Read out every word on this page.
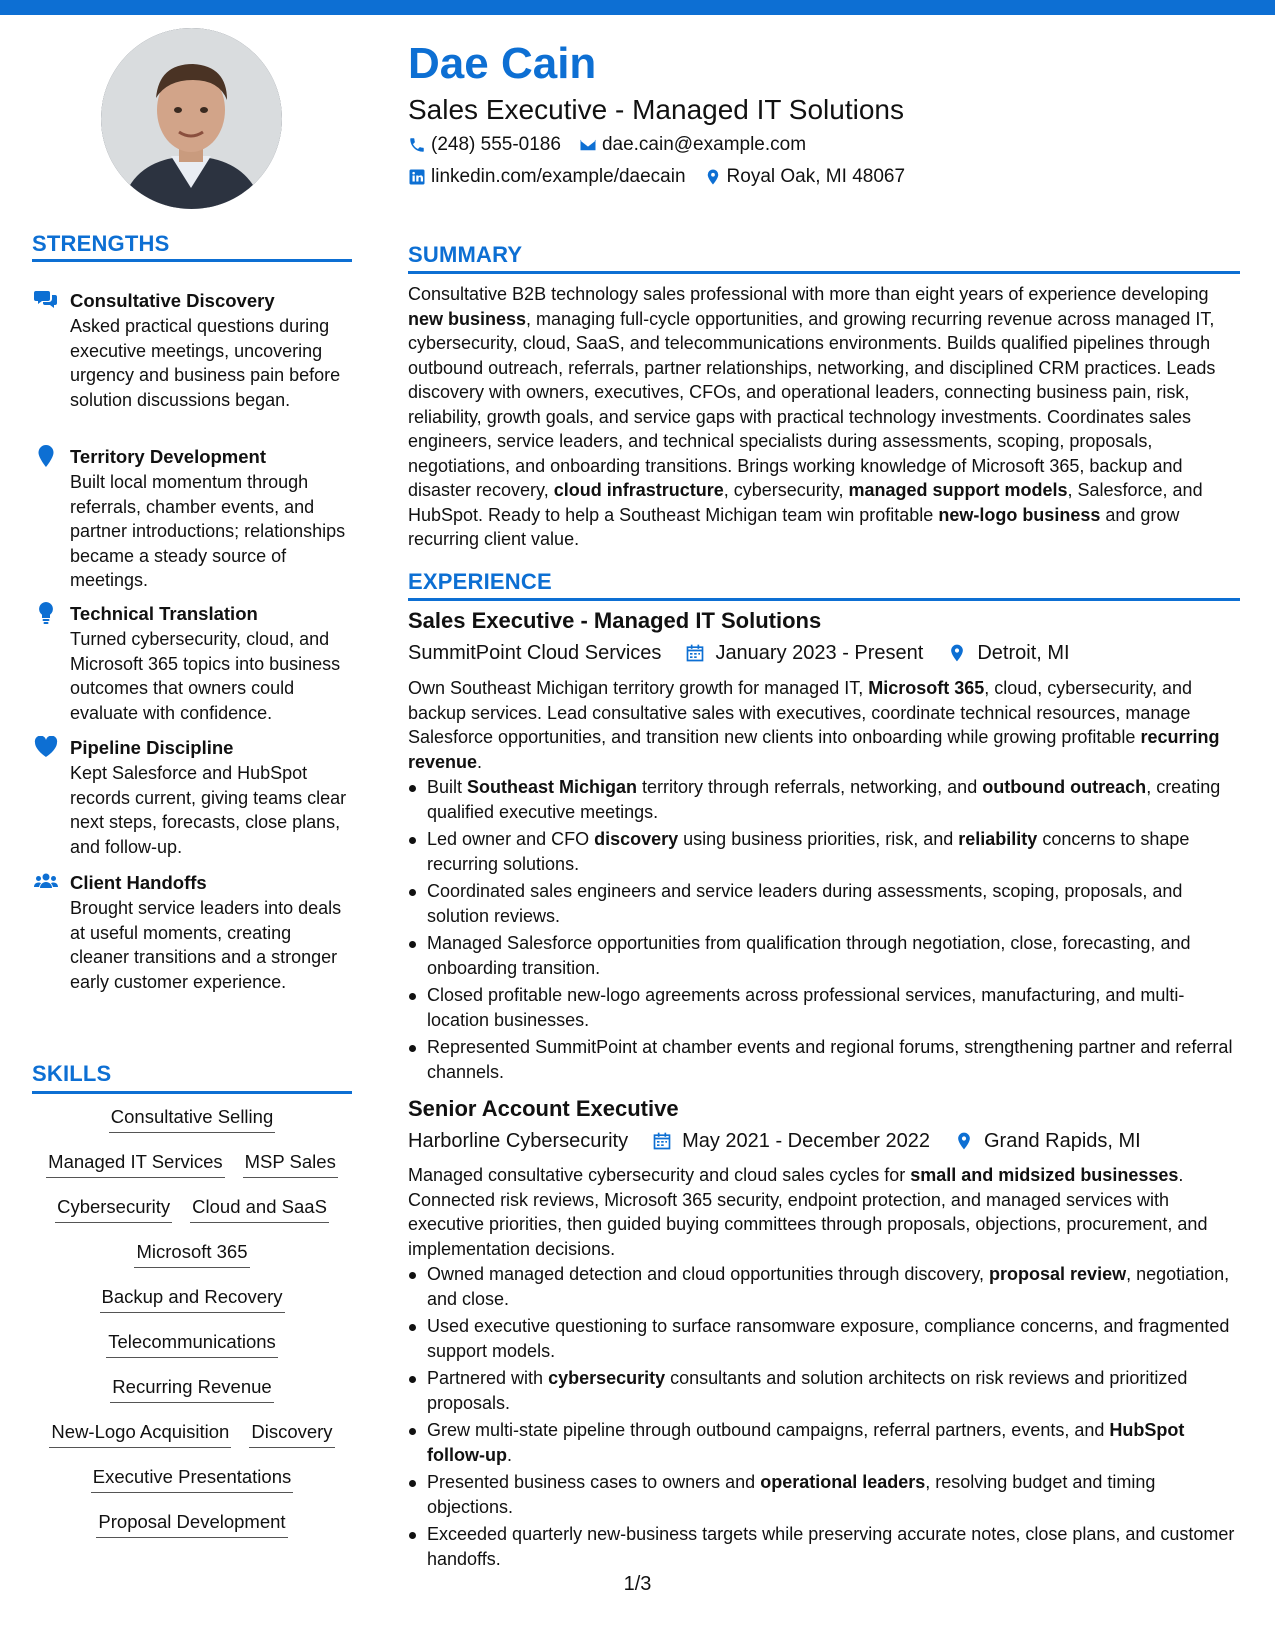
Dae Cain
Sales Executive - Managed IT Solutions
(248) 555-0186 dae.cain@example.com
linkedin.com/example/daecain Royal Oak, MI 48067
STRENGTHS
Consultative Discovery
Asked practical questions during executive meetings, uncovering urgency and business pain before solution discussions began.
Territory Development
Built local momentum through referrals, chamber events, and partner introductions; relationships became a steady source of meetings.
Technical Translation
Turned cybersecurity, cloud, and Microsoft 365 topics into business outcomes that owners could evaluate with confidence.
Pipeline Discipline
Kept Salesforce and HubSpot records current, giving teams clear next steps, forecasts, close plans, and follow-up.
Client Handoffs
Brought service leaders into deals at useful moments, creating cleaner transitions and a stronger early customer experience.
SKILLS
Consultative Selling
Managed IT Services MSP Sales
Cybersecurity Cloud and SaaS
Microsoft 365
Backup and Recovery
Telecommunications
Recurring Revenue
New-Logo Acquisition Discovery
Executive Presentations
Proposal Development
SUMMARY
Consultative B2B technology sales professional with more than eight years of experience developing new business, managing full-cycle opportunities, and growing recurring revenue across managed IT, cybersecurity, cloud, SaaS, and telecommunications environments. Builds qualified pipelines through outbound outreach, referrals, partner relationships, networking, and disciplined CRM practices. Leads discovery with owners, executives, CFOs, and operational leaders, connecting business pain, risk, reliability, growth goals, and service gaps with practical technology investments. Coordinates sales engineers, service leaders, and technical specialists during assessments, scoping, proposals, negotiations, and onboarding transitions. Brings working knowledge of Microsoft 365, backup and disaster recovery, cloud infrastructure, cybersecurity, managed support models, Salesforce, and HubSpot. Ready to help a Southeast Michigan team win profitable new-logo business and grow recurring client value.
EXPERIENCE
Sales Executive - Managed IT Solutions
SummitPoint Cloud Services	January 2023 - Present	Detroit, MI
Own Southeast Michigan territory growth for managed IT, Microsoft 365, cloud, cybersecurity, and backup services. Lead consultative sales with executives, coordinate technical resources, manage Salesforce opportunities, and transition new clients into onboarding while growing profitable recurring revenue.
Built Southeast Michigan territory through referrals, networking, and outbound outreach, creating qualified executive meetings.
Led owner and CFO discovery using business priorities, risk, and reliability concerns to shape recurring solutions.
Coordinated sales engineers and service leaders during assessments, scoping, proposals, and solution reviews.
Managed Salesforce opportunities from qualification through negotiation, close, forecasting, and onboarding transition.
Closed profitable new-logo agreements across professional services, manufacturing, and multi-location businesses.
Represented SummitPoint at chamber events and regional forums, strengthening partner and referral channels.
Senior Account Executive
Harborline Cybersecurity	May 2021 - December 2022	Grand Rapids, MI
Managed consultative cybersecurity and cloud sales cycles for small and midsized businesses. Connected risk reviews, Microsoft 365 security, endpoint protection, and managed services with executive priorities, then guided buying committees through proposals, objections, procurement, and implementation decisions.
Owned managed detection and cloud opportunities through discovery, proposal review, negotiation, and close.
Used executive questioning to surface ransomware exposure, compliance concerns, and fragmented support models.
Partnered with cybersecurity consultants and solution architects on risk reviews and prioritized proposals.
Grew multi-state pipeline through outbound campaigns, referral partners, events, and HubSpot follow-up.
Presented business cases to owners and operational leaders, resolving budget and timing objections.
Exceeded quarterly new-business targets while preserving accurate notes, close plans, and customer handoffs.
1/3
